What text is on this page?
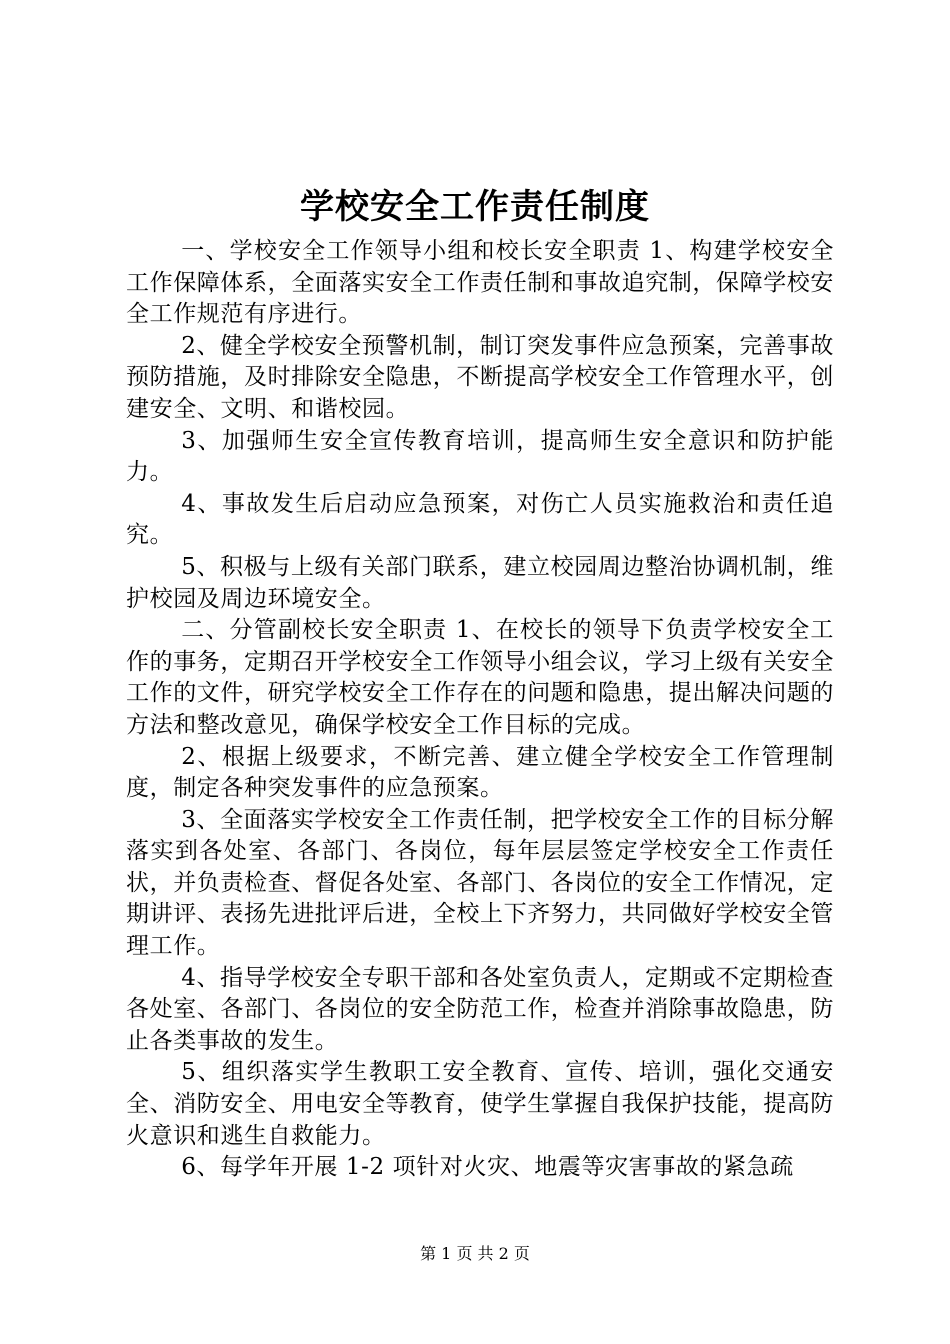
学校安全工作责任制度

一、学校安全工作领导小组和校长安全职责 1、构建学校安全工作保障体系，全面落实安全工作责任制和事故追究制，保障学校安全工作规范有序进行。

2、健全学校安全预警机制，制订突发事件应急预案，完善事故预防措施，及时排除安全隐患，不断提高学校安全工作管理水平，创建安全、文明、和谐校园。

3、加强师生安全宣传教育培训，提高师生安全意识和防护能力。

4、事故发生后启动应急预案，对伤亡人员实施救治和责任追究。

5、积极与上级有关部门联系，建立校园周边整治协调机制，维护校园及周边环境安全。

二、分管副校长安全职责 1、在校长的领导下负责学校安全工作的事务，定期召开学校安全工作领导小组会议，学习上级有关安全工作的文件，研究学校安全工作存在的问题和隐患，提出解决问题的方法和整改意见，确保学校安全工作目标的完成。

2、根据上级要求，不断完善、建立健全学校安全工作管理制度，制定各种突发事件的应急预案。

3、全面落实学校安全工作责任制，把学校安全工作的目标分解落实到各处室、各部门、各岗位，每年层层签定学校安全工作责任状，并负责检查、督促各处室、各部门、各岗位的安全工作情况，定期讲评、表扬先进批评后进，全校上下齐努力，共同做好学校安全管理工作。

4、指导学校安全专职干部和各处室负责人，定期或不定期检查各处室、各部门、各岗位的安全防范工作，检查并消除事故隐患，防止各类事故的发生。

5、组织落实学生教职工安全教育、宣传、培训，强化交通安全、消防安全、用电安全等教育，使学生掌握自我保护技能，提高防火意识和逃生自救能力。

6、每学年开展 1-2 项针对火灾、地震等灾害事故的紧急疏

第 1 页 共 2 页
